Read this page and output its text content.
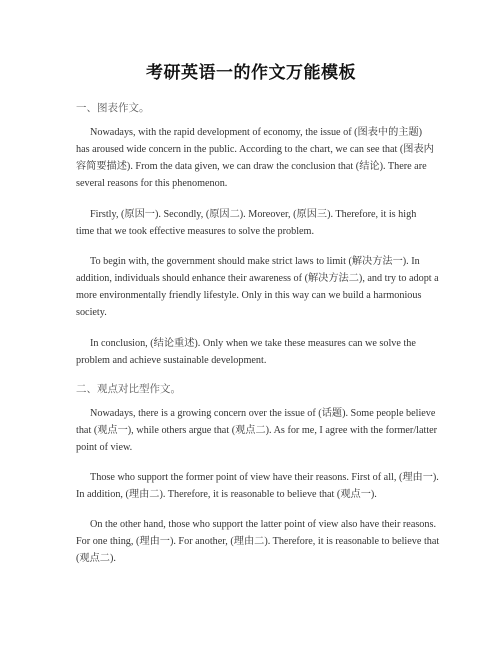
考研英语一的作文万能模板
一、图表作文。
Nowadays, with the rapid development of economy, the issue of (图表中的主题)
has aroused wide concern in the public. According to the chart, we can see that (图表内
容简要描述). From the data given, we can draw the conclusion that (结论). There are
several reasons for this phenomenon.
Firstly, (原因一). Secondly, (原因二). Moreover, (原因三). Therefore, it is high
time that we took effective measures to solve the problem.
To begin with, the government should make strict laws to limit (解决方法一). In
addition, individuals should enhance their awareness of (解决方法二), and try to adopt a
more environmentally friendly lifestyle. Only in this way can we build a harmonious
society.
In conclusion, (结论重述). Only when we take these measures can we solve the
problem and achieve sustainable development.
二、观点对比型作文。
Nowadays, there is a growing concern over the issue of (话题). Some people believe
that (观点一), while others argue that (观点二). As for me, I agree with the former/latter
point of view.
Those who support the former point of view have their reasons. First of all, (理由一).
In addition, (理由二). Therefore, it is reasonable to believe that (观点一).
On the other hand, those who support the latter point of view also have their reasons.
For one thing, (理由一). For another, (理由二). Therefore, it is reasonable to believe that
(观点二).
